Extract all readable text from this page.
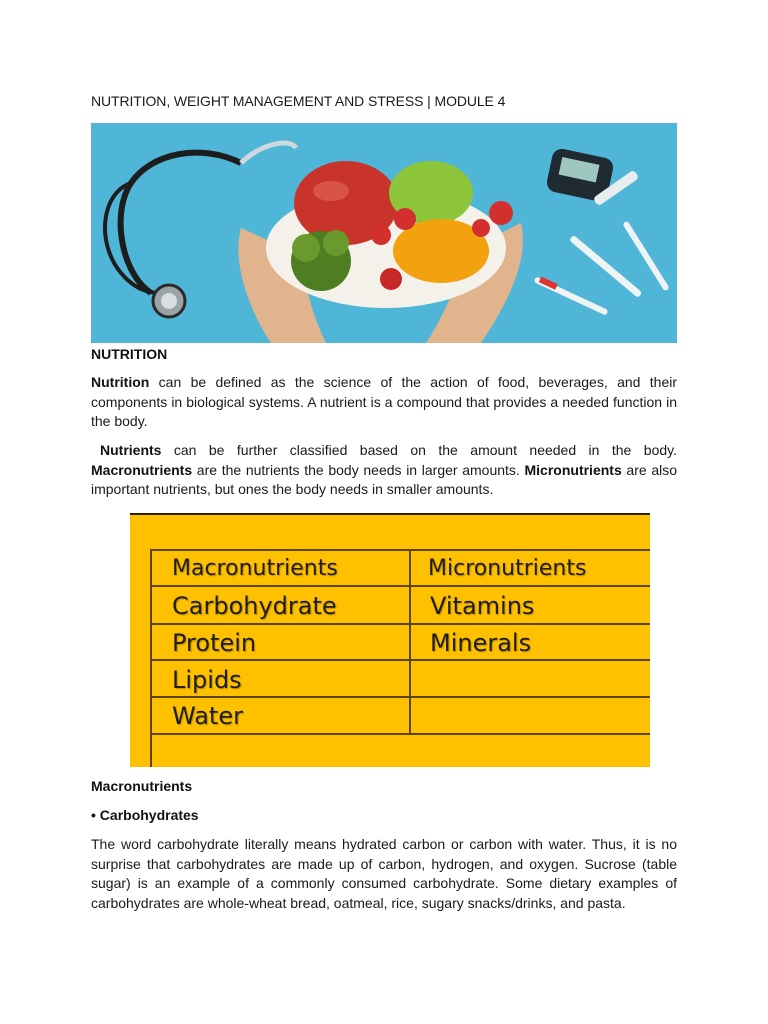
NUTRITION, WEIGHT MANAGEMENT AND STRESS | MODULE 4
NUTRITION
Nutrition can be defined as the science of the action of food, beverages, and their components in biological systems. A nutrient is a compound that provides a needed function in the body.
Nutrients can be further classified based on the amount needed in the body. Macronutrients are the nutrients the body needs in larger amounts. Micronutrients are also important nutrients, but ones the body needs in smaller amounts.
Macronutrients	Micronutrients
Carbohydrate	Vitamins
Protein	Minerals
Lipids
Water
Macronutrients
• Carbohydrates
The word carbohydrate literally means hydrated carbon or carbon with water. Thus, it is no surprise that carbohydrates are made up of carbon, hydrogen, and oxygen. Sucrose (table sugar) is an example of a commonly consumed carbohydrate. Some dietary examples of carbohydrates are whole-wheat bread, oatmeal, rice, sugary snacks/drinks, and pasta.
